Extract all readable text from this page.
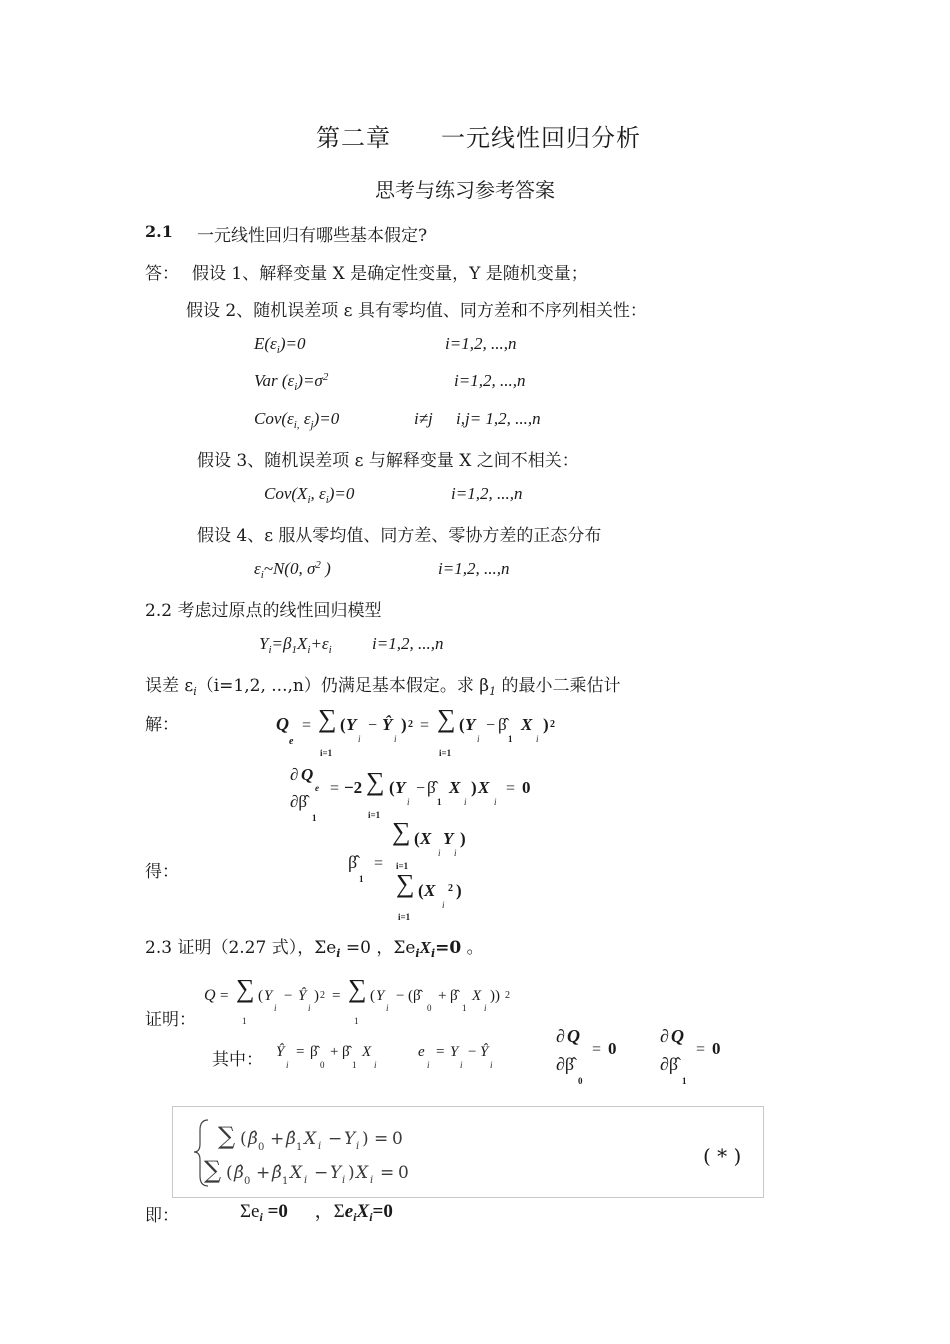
第二章　　一元线性回归分析
思考与练习参考答案
2.1 一元线性回归有哪些基本假定?
答： 假设 1、解释变量 X 是确定性变量，Y 是随机变量；
假设 2、随机误差项 ε 具有零均值、同方差和不序列相关性：
$E(\varepsilon_i)=0$	i=1,2, ...,n
Var $(\varepsilon_i)=\sigma^2$	i=1,2, ...,n
$Cov(\varepsilon_{i,}$ $\varepsilon_j)=0$	i≠j i,j= 1,2, ...,n
假设 3、随机误差项 ε 与解释变量 X 之间不相关：
$Cov(X_i$, $\varepsilon_i)=0$	i=1,2, ...,n
假设 4、ε 服从零均值、同方差、零协方差的正态分布
$\varepsilon_i\sim N(0$, $\sigma^2$ )	i=1,2, ...,n
2.2 考虑过原点的线性回归模型
$Y_i=\beta_1X_i+\varepsilon_i$ i=1,2, ...,n
误差 $\varepsilon_i(i=1,2$, ...,n）仍满足基本假定。求 $\beta_1$ 的最小二乘估计
解：	Q
e
= ∑
i=1
( Y
i
− Ŷ
i
) 2 = ∑
i=1
( Y
i
− β̂
1
X
i
) 2
∂ Q
e
∂β̂
1
= −2 ∑
i=1
( Y
i
− β̂
1
X
i
) X
i
= 0
得：
∑ ( X
i
Y
i
)
β̂
1
= i=1
∑ ( X
i
2 )
i=1
2.3 证明（2.27 式），$\Sigma e_i =0$ ，$\Sigma e_iX_i=0$ 。
证明：
Q = ∑
1
( Y
i
− Ŷ
i
) 2 = ∑
1
( Y
i
− (β̂
0
+ β̂
1
X
i
)) 2
其中： Ŷ
i
= β̂
0
+ β̂
1
X
i
e
i
= Y
i
− Ŷ
i
∂ Q
∂β̂
0
= 0
∂ Q
∂β̂
1
= 0
∑ ( β̂ 0 + β̂ 1 X i − Y i ) = 0
∑ ( β̂ 0 + β̂ 1 X i − Y i ) X i = 0
( * )
即：	$\Sigma e_i =0$ ，$\Sigma e_iX_i=0$
